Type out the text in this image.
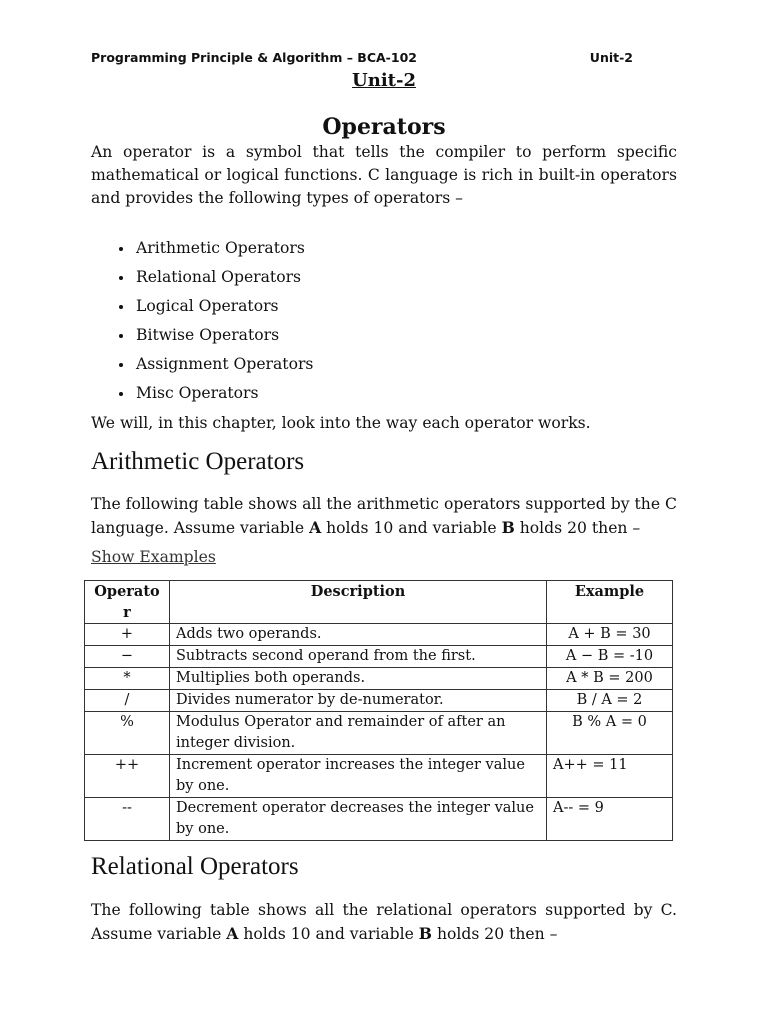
Programming Principle & Algorithm – BCA-102	Unit-2
Unit-2
Operators

An operator is a symbol that tells the compiler to perform specific mathematical or logical functions. C language is rich in built-in operators and provides the following types of operators –

Arithmetic Operators
Relational Operators
Logical Operators
Bitwise Operators
Assignment Operators
Misc Operators

We will, in this chapter, look into the way each operator works.

Arithmetic Operators

The following table shows all the arithmetic operators supported by the C language. Assume variable A holds 10 and variable B holds 20 then –

Show Examples
Operato r	Description	Example
+	Adds two operands.	A + B = 30
−	Subtracts second operand from the first.	A − B = -10
*	Multiplies both operands.	A * B = 200
/	Divides numerator by de-numerator.	B / A = 2
%	Modulus Operator and remainder of after an integer division.	B % A = 0
++	Increment operator increases the integer value by one.	A++ = 11
--	Decrement operator decreases the integer value by one.	A-- = 9
Relational Operators

The following table shows all the relational operators supported by C. Assume variable A holds 10 and variable B holds 20 then –
